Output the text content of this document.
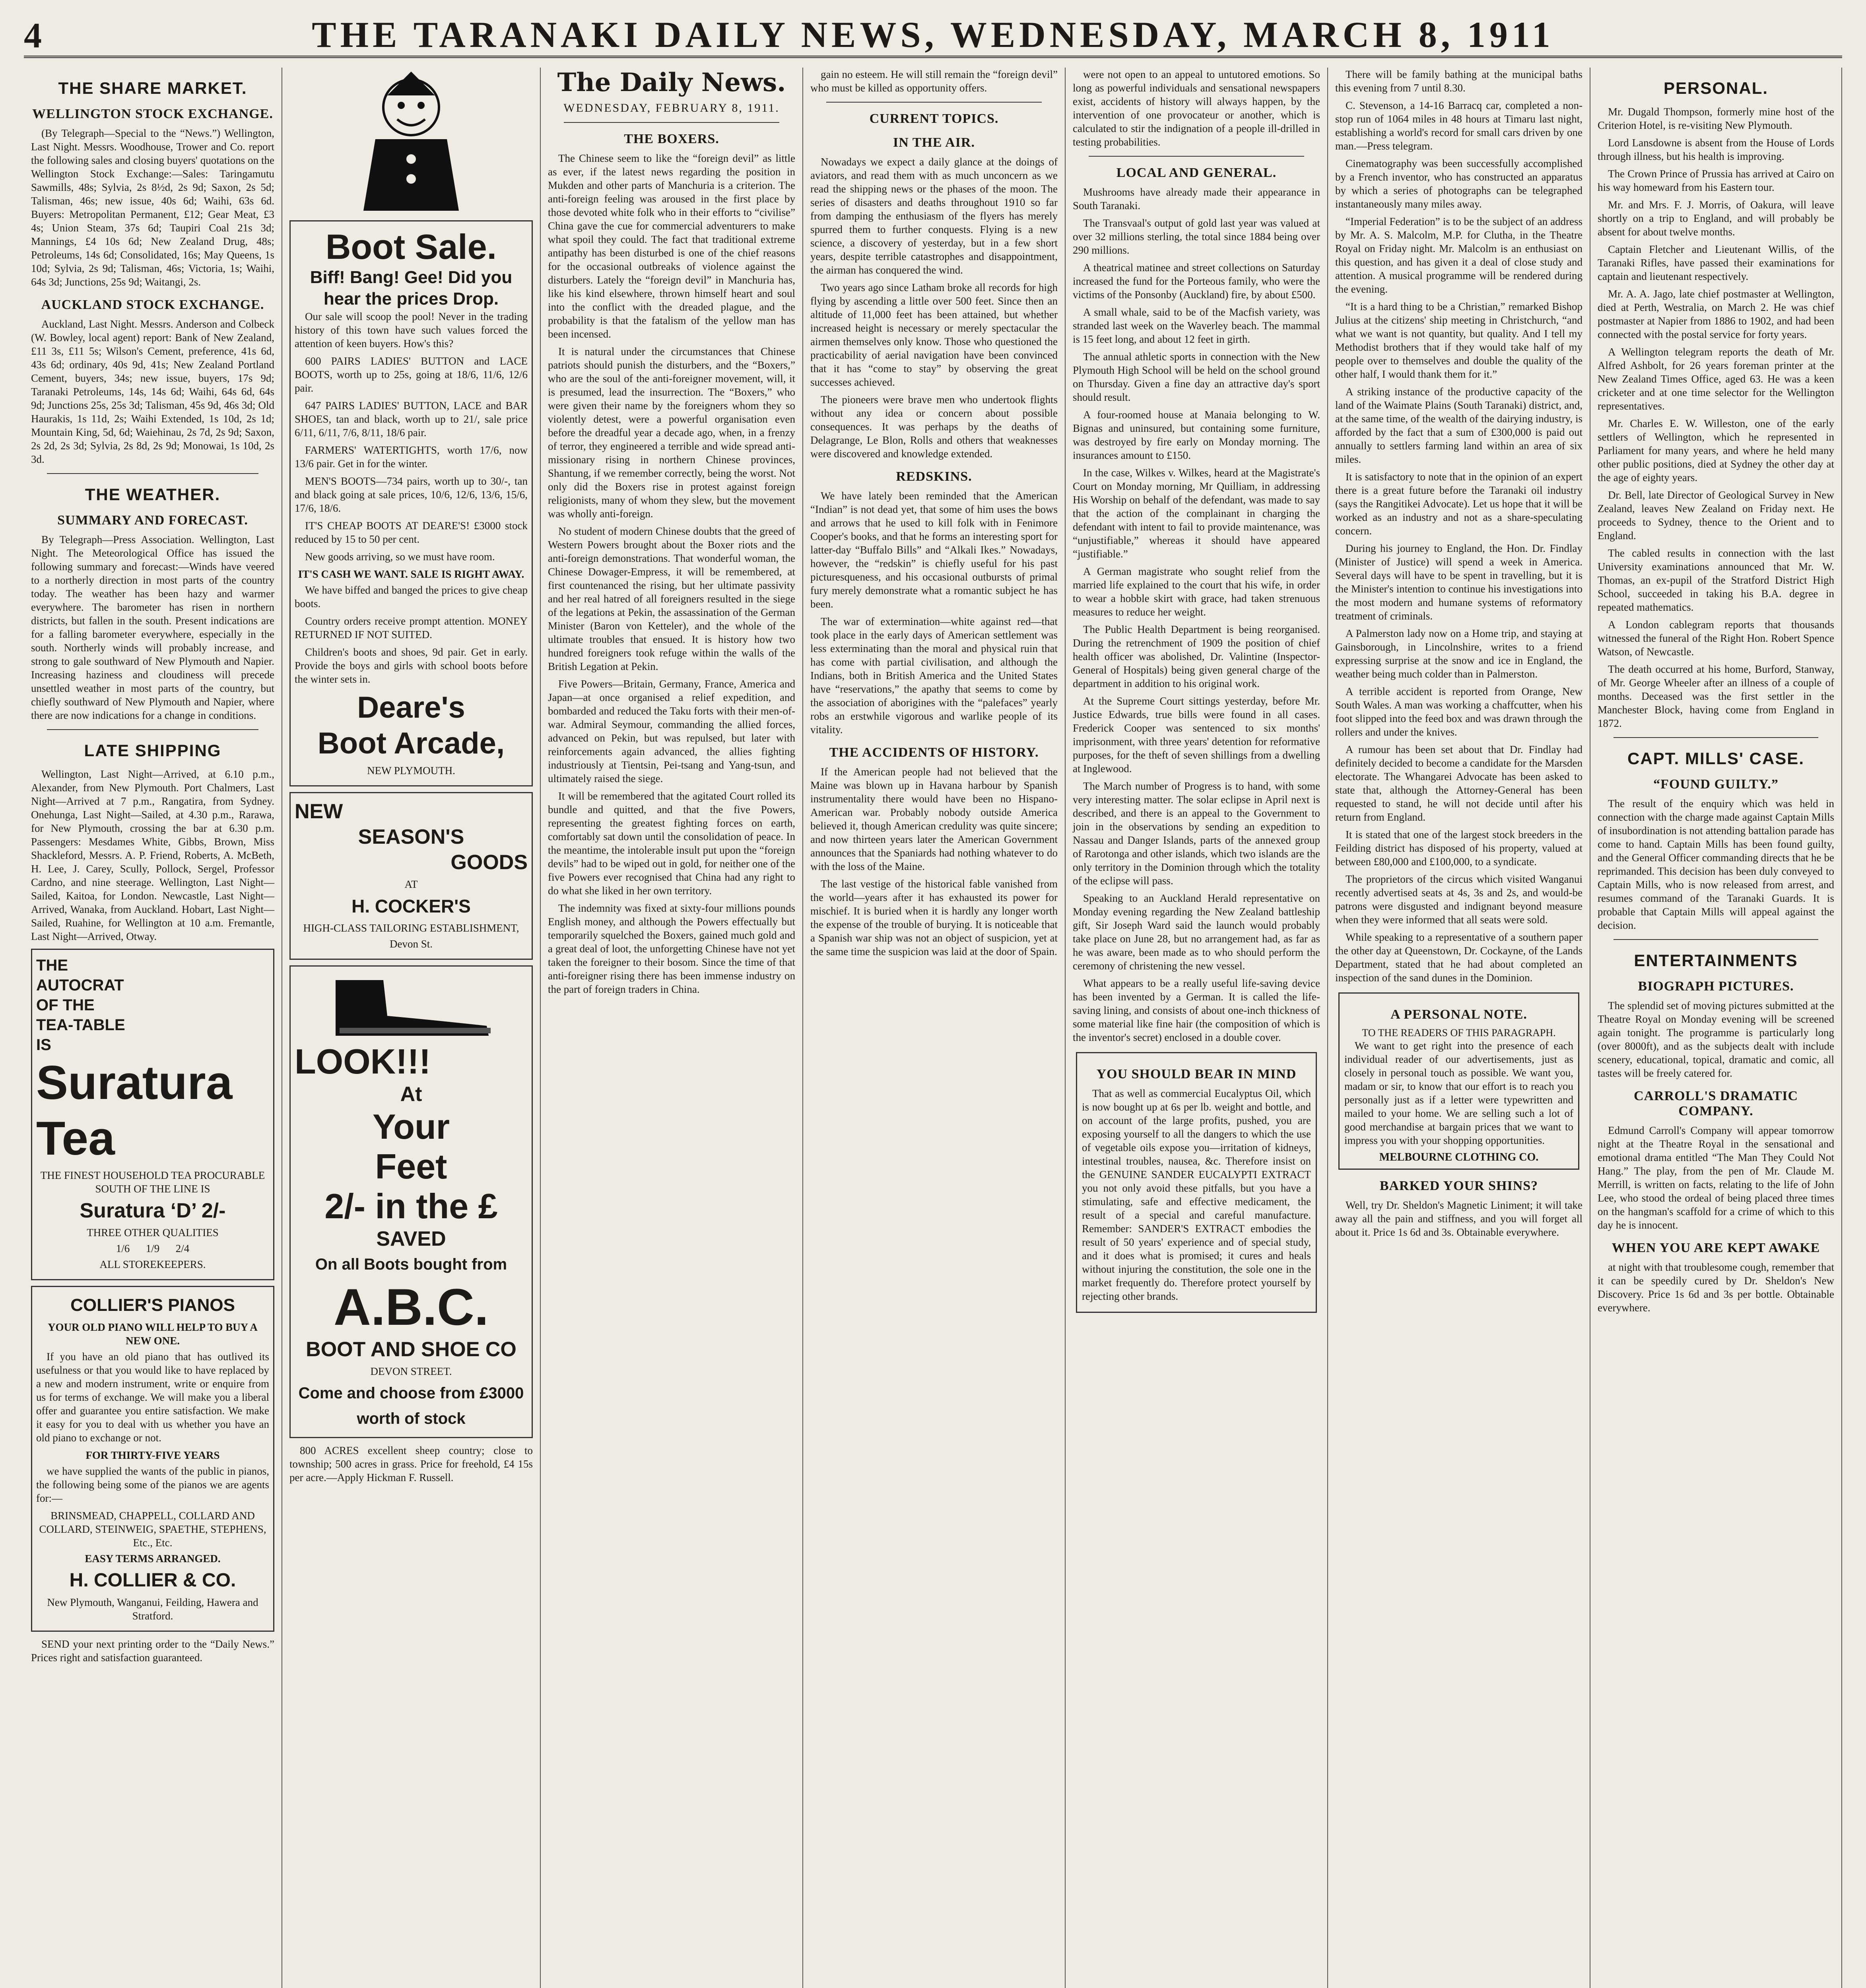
4	THE TARANAKI DAILY NEWS, WEDNESDAY, MARCH 8, 1911
THE SHARE MARKET.
WELLINGTON STOCK EXCHANGE.

(By Telegraph—Special to the “News.”) Wellington, Last Night. Messrs. Woodhouse, Trower and Co. report the following sales and closing buyers' quotations on the Wellington Stock Exchange:—Sales: Taringamutu Sawmills, 48s; Sylvia, 2s 8½d, 2s 9d; Saxon, 2s 5d; Talisman, 46s; new issue, 40s 6d; Waihi, 63s 6d. Buyers: Metropolitan Permanent, £12; Gear Meat, £3 4s; Union Steam, 37s 6d; Taupiri Coal 21s 3d; Mannings, £4 10s 6d; New Zealand Drug, 48s; Petroleums, 14s 6d; Consolidated, 16s; May Queens, 1s 10d; Sylvia, 2s 9d; Talisman, 46s; Victoria, 1s; Waihi, 64s 3d; Junctions, 25s 9d; Waitangi, 2s.

AUCKLAND STOCK EXCHANGE.

Auckland, Last Night. Messrs. Anderson and Colbeck (W. Bowley, local agent) report: Bank of New Zealand, £11 3s, £11 5s; Wilson's Cement, preference, 41s 6d, 43s 6d; ordinary, 40s 9d, 41s; New Zealand Portland Cement, buyers, 34s; new issue, buyers, 17s 9d; Taranaki Petroleums, 14s, 14s 6d; Waihi, 64s 6d, 64s 9d; Junctions 25s, 25s 3d; Talisman, 45s 9d, 46s 3d; Old Haurakis, 1s 11d, 2s; Waihi Extended, 1s 10d, 2s 1d; Mountain King, 5d, 6d; Waiehinau, 2s 7d, 2s 9d; Saxon, 2s 2d, 2s 3d; Sylvia, 2s 8d, 2s 9d; Monowai, 1s 10d, 2s 3d.

THE WEATHER.
SUMMARY AND FORECAST.

By Telegraph—Press Association. Wellington, Last Night. The Meteorological Office has issued the following summary and forecast:—Winds have veered to a northerly direction in most parts of the country today. The weather has been hazy and warmer everywhere. The barometer has risen in northern districts, but fallen in the south. Present indications are for a falling barometer everywhere, especially in the south. Northerly winds will probably increase, and strong to gale southward of New Plymouth and Napier. Increasing haziness and cloudiness will precede unsettled weather in most parts of the country, but chiefly southward of New Plymouth and Napier, where there are now indications for a change in conditions.

LATE SHIPPING

Wellington, Last Night—Arrived, at 6.10 p.m., Alexander, from New Plymouth. Port Chalmers, Last Night—Arrived at 7 p.m., Rangatira, from Sydney. Onehunga, Last Night—Sailed, at 4.30 p.m., Rarawa, for New Plymouth, crossing the bar at 6.30 p.m. Passengers: Mesdames White, Gibbs, Brown, Miss Shackleford, Messrs. A. P. Friend, Roberts, A. McBeth, H. Lee, J. Carey, Scully, Pollock, Sergel, Professor Cardno, and nine steerage. Wellington, Last Night—Sailed, Kaitoa, for London. Newcastle, Last Night—Arrived, Wanaka, from Auckland. Hobart, Last Night—Sailed, Ruahine, for Wellington at 10 a.m. Fremantle, Last Night—Arrived, Otway.

THE
AUTOCRAT
OF THE
TEA-TABLE
IS
Suratura
Tea
THE FINEST HOUSEHOLD TEA PROCURABLE SOUTH OF THE LINE IS
Suratura ‘D’ 2/-
THREE OTHER QUALITIES
1/6      1/9      2/4
ALL STOREKEEPERS.
COLLIER'S PIANOS
YOUR OLD PIANO WILL HELP TO BUY A NEW ONE.

If you have an old piano that has outlived its usefulness or that you would like to have replaced by a new and modern instrument, write or enquire from us for terms of exchange. We will make you a liberal offer and guarantee you entire satisfaction. We make it easy for you to deal with us whether you have an old piano to exchange or not.

FOR THIRTY-FIVE YEARS

we have supplied the wants of the public in pianos, the following being some of the pianos we are agents for:—

BRINSMEAD, CHAPPELL, COLLARD AND COLLARD, STEINWEIG, SPAETHE, STEPHENS, Etc., Etc.
EASY TERMS ARRANGED.
H. COLLIER & CO.
New Plymouth, Wanganui, Feilding, Hawera and Stratford.

SEND your next printing order to the “Daily News.” Prices right and satisfaction guaranteed.

Boot Sale.
Biff! Bang! Gee! Did you hear the prices Drop.

Our sale will scoop the pool! Never in the trading history of this town have such values forced the attention of keen buyers. How's this?

600 PAIRS LADIES' BUTTON and LACE BOOTS, worth up to 25s, going at 18/6, 11/6, 12/6 pair.

647 PAIRS LADIES' BUTTON, LACE and BAR SHOES, tan and black, worth up to 21/, sale price 6/11, 6/11, 7/6, 8/11, 18/6 pair.

FARMERS' WATERTIGHTS, worth 17/6, now 13/6 pair. Get in for the winter.

MEN'S BOOTS—734 pairs, worth up to 30/-, tan and black going at sale prices, 10/6, 12/6, 13/6, 15/6, 17/6, 18/6.

IT'S CHEAP BOOTS AT DEARE'S! £3000 stock reduced by 15 to 50 per cent.

New goods arriving, so we must have room.

IT'S CASH WE WANT. SALE IS RIGHT AWAY.

We have biffed and banged the prices to give cheap boots.

Country orders receive prompt attention. MONEY RETURNED IF NOT SUITED.

Children's boots and shoes, 9d pair. Get in early. Provide the boys and girls with school boots before the winter sets in.

Deare's
Boot Arcade,
NEW PLYMOUTH.
NEW
SEASON'S
GOODS
AT
H. COCKER'S
HIGH-CLASS TAILORING ESTABLISHMENT,
Devon St.
LOOK!!!
At
Your
Feet
2/- in the £
SAVED
On all Boots bought from
A.B.C.
BOOT AND SHOE CO
DEVON STREET.
Come and choose from £3000 worth of stock

800 ACRES excellent sheep country; close to township; 500 acres in grass. Price for freehold, £4 15s per acre.—Apply Hickman F. Russell.

The Daily News.
WEDNESDAY, FEBRUARY 8, 1911.
THE BOXERS.

The Chinese seem to like the “foreign devil” as little as ever, if the latest news regarding the position in Mukden and other parts of Manchuria is a criterion. The anti-foreign feeling was aroused in the first place by those devoted white folk who in their efforts to “civilise” China gave the cue for commercial adventurers to make what spoil they could. The fact that traditional extreme antipathy has been disturbed is one of the chief reasons for the occasional outbreaks of violence against the disturbers. Lately the “foreign devil” in Manchuria has, like his kind elsewhere, thrown himself heart and soul into the conflict with the dreaded plague, and the probability is that the fatalism of the yellow man has been incensed.

It is natural under the circumstances that Chinese patriots should punish the disturbers, and the “Boxers,” who are the soul of the anti-foreigner movement, will, it is presumed, lead the insurrection. The “Boxers,” who were given their name by the foreigners whom they so violently detest, were a powerful organisation even before the dreadful year a decade ago, when, in a frenzy of terror, they engineered a terrible and wide spread anti-missionary rising in northern Chinese provinces, Shantung, if we remember correctly, being the worst. Not only did the Boxers rise in protest against foreign religionists, many of whom they slew, but the movement was wholly anti-foreign.

No student of modern Chinese doubts that the greed of Western Powers brought about the Boxer riots and the anti-foreign demonstrations. That wonderful woman, the Chinese Dowager-Empress, it will be remembered, at first countenanced the rising, but her ultimate passivity and her real hatred of all foreigners resulted in the siege of the legations at Pekin, the assassination of the German Minister (Baron von Ketteler), and the whole of the ultimate troubles that ensued. It is history how two hundred foreigners took refuge within the walls of the British Legation at Pekin.

Five Powers—Britain, Germany, France, America and Japan—at once organised a relief expedition, and bombarded and reduced the Taku forts with their men-of-war. Admiral Seymour, commanding the allied forces, advanced on Pekin, but was repulsed, but later with reinforcements again advanced, the allies fighting industriously at Tientsin, Pei-tsang and Yang-tsun, and ultimately raised the siege.

It will be remembered that the agitated Court rolled its bundle and quitted, and that the five Powers, representing the greatest fighting forces on earth, comfortably sat down until the consolidation of peace. In the meantime, the intolerable insult put upon the “foreign devils” had to be wiped out in gold, for neither one of the five Powers ever recognised that China had any right to do what she liked in her own territory.

The indemnity was fixed at sixty-four millions pounds English money, and although the Powers effectually but temporarily squelched the Boxers, gained much gold and a great deal of loot, the unforgetting Chinese have not yet taken the foreigner to their bosom. Since the time of that anti-foreigner rising there has been immense industry on the part of foreign traders in China.

gain no esteem. He will still remain the “foreign devil” who must be killed as opportunity offers.

CURRENT TOPICS.
IN THE AIR.

Nowadays we expect a daily glance at the doings of aviators, and read them with as much unconcern as we read the shipping news or the phases of the moon. The series of disasters and deaths throughout 1910 so far from damping the enthusiasm of the flyers has merely spurred them to further conquests. Flying is a new science, a discovery of yesterday, but in a few short years, despite terrible catastrophes and disappointment, the airman has conquered the wind.

Two years ago since Latham broke all records for high flying by ascending a little over 500 feet. Since then an altitude of 11,000 feet has been attained, but whether increased height is necessary or merely spectacular the airmen themselves only know. Those who questioned the practicability of aerial navigation have been convinced that it has “come to stay” by observing the great successes achieved.

The pioneers were brave men who undertook flights without any idea or concern about possible consequences. It was perhaps by the deaths of Delagrange, Le Blon, Rolls and others that weaknesses were discovered and knowledge extended.

REDSKINS.

We have lately been reminded that the American “Indian” is not dead yet, that some of him uses the bows and arrows that he used to kill folk with in Fenimore Cooper's books, and that he forms an interesting sport for latter-day “Buffalo Bills” and “Alkali Ikes.” Nowadays, however, the “redskin” is chiefly useful for his past picturesqueness, and his occasional outbursts of primal fury merely demonstrate what a romantic subject he has been.

The war of extermination—white against red—that took place in the early days of American settlement was less exterminating than the moral and physical ruin that has come with partial civilisation, and although the Indians, both in British America and the United States have “reservations,” the apathy that seems to come by the association of aborigines with the “palefaces” yearly robs an erstwhile vigorous and warlike people of its vitality.

THE ACCIDENTS OF HISTORY.

If the American people had not believed that the Maine was blown up in Havana harbour by Spanish instrumentality there would have been no Hispano-American war. Probably nobody outside America believed it, though American credulity was quite sincere; and now thirteen years later the American Government announces that the Spaniards had nothing whatever to do with the loss of the Maine.

The last vestige of the historical fable vanished from the world—years after it has exhausted its power for mischief. It is buried when it is hardly any longer worth the expense of the trouble of burying. It is noticeable that a Spanish war ship was not an object of suspicion, yet at the same time the suspicion was laid at the door of Spain.

were not open to an appeal to untutored emotions. So long as powerful individuals and sensational newspapers exist, accidents of history will always happen, by the intervention of one provocateur or another, which is calculated to stir the indignation of a people ill-drilled in testing probabilities.

LOCAL AND GENERAL.

Mushrooms have already made their appearance in South Taranaki.

The Transvaal's output of gold last year was valued at over 32 millions sterling, the total since 1884 being over 290 millions.

A theatrical matinee and street collections on Saturday increased the fund for the Porteous family, who were the victims of the Ponsonby (Auckland) fire, by about £500.

A small whale, said to be of the Macfish variety, was stranded last week on the Waverley beach. The mammal is 15 feet long, and about 12 feet in girth.

The annual athletic sports in connection with the New Plymouth High School will be held on the school ground on Thursday. Given a fine day an attractive day's sport should result.

A four-roomed house at Manaia belonging to W. Bignas and uninsured, but containing some furniture, was destroyed by fire early on Monday morning. The insurances amount to £150.

In the case, Wilkes v. Wilkes, heard at the Magistrate's Court on Monday morning, Mr Quilliam, in addressing His Worship on behalf of the defendant, was made to say that the action of the complainant in charging the defendant with intent to fail to provide maintenance, was “unjustifiable,” whereas it should have appeared “justifiable.”

A German magistrate who sought relief from the married life explained to the court that his wife, in order to wear a hobble skirt with grace, had taken strenuous measures to reduce her weight.

The Public Health Department is being reorganised. During the retrenchment of 1909 the position of chief health officer was abolished, Dr. Valintine (Inspector-General of Hospitals) being given general charge of the department in addition to his original work.

At the Supreme Court sittings yesterday, before Mr. Justice Edwards, true bills were found in all cases. Frederick Cooper was sentenced to six months' imprisonment, with three years' detention for reformative purposes, for the theft of seven shillings from a dwelling at Inglewood.

The March number of Progress is to hand, with some very interesting matter. The solar eclipse in April next is described, and there is an appeal to the Government to join in the observations by sending an expedition to Nassau and Danger Islands, parts of the annexed group of Rarotonga and other islands, which two islands are the only territory in the Dominion through which the totality of the eclipse will pass.

Speaking to an Auckland Herald representative on Monday evening regarding the New Zealand battleship gift, Sir Joseph Ward said the launch would probably take place on June 28, but no arrangement had, as far as he was aware, been made as to who should perform the ceremony of christening the new vessel.

What appears to be a really useful life-saving device has been invented by a German. It is called the life-saving lining, and consists of about one-inch thickness of some material like fine hair (the composition of which is the inventor's secret) enclosed in a double cover.

YOU SHOULD BEAR IN MIND

That as well as commercial Eucalyptus Oil, which is now bought up at 6s per lb. weight and bottle, and on account of the large profits, pushed, you are exposing yourself to all the dangers to which the use of vegetable oils expose you—irritation of kidneys, intestinal troubles, nausea, &c. Therefore insist on the GENUINE SANDER EUCALYPTI EXTRACT you not only avoid these pitfalls, but you have a stimulating, safe and effective medicament, the result of a special and careful manufacture. Remember: SANDER'S EXTRACT embodies the result of 50 years' experience and of special study, and it does what is promised; it cures and heals without injuring the constitution, the sole one in the market frequently do. Therefore protect yourself by rejecting other brands.

There will be family bathing at the municipal baths this evening from 7 until 8.30.

C. Stevenson, a 14-16 Barracq car, completed a non-stop run of 1064 miles in 48 hours at Timaru last night, establishing a world's record for small cars driven by one man.—Press telegram.

Cinematography was been successfully accomplished by a French inventor, who has constructed an apparatus by which a series of photographs can be telegraphed instantaneously many miles away.

“Imperial Federation” is to be the subject of an address by Mr. A. S. Malcolm, M.P. for Clutha, in the Theatre Royal on Friday night. Mr. Malcolm is an enthusiast on this question, and has given it a deal of close study and attention. A musical programme will be rendered during the evening.

“It is a hard thing to be a Christian,” remarked Bishop Julius at the citizens' ship meeting in Christchurch, “and what we want is not quantity, but quality. And I tell my Methodist brothers that if they would take half of my people over to themselves and double the quality of the other half, I would thank them for it.”

A striking instance of the productive capacity of the land of the Waimate Plains (South Taranaki) district, and, at the same time, of the wealth of the dairying industry, is afforded by the fact that a sum of £300,000 is paid out annually to settlers farming land within an area of six miles.

It is satisfactory to note that in the opinion of an expert there is a great future before the Taranaki oil industry (says the Rangitikei Advocate). Let us hope that it will be worked as an industry and not as a share-speculating concern.

During his journey to England, the Hon. Dr. Findlay (Minister of Justice) will spend a week in America. Several days will have to be spent in travelling, but it is the Minister's intention to continue his investigations into the most modern and humane systems of reformatory treatment of criminals.

A Palmerston lady now on a Home trip, and staying at Gainsborough, in Lincolnshire, writes to a friend expressing surprise at the snow and ice in England, the weather being much colder than in Palmerston.

A terrible accident is reported from Orange, New South Wales. A man was working a chaffcutter, when his foot slipped into the feed box and was drawn through the rollers and under the knives.

A rumour has been set about that Dr. Findlay had definitely decided to become a candidate for the Marsden electorate. The Whangarei Advocate has been asked to state that, although the Attorney-General has been requested to stand, he will not decide until after his return from England.

It is stated that one of the largest stock breeders in the Feilding district has disposed of his property, valued at between £80,000 and £100,000, to a syndicate.

The proprietors of the circus which visited Wanganui recently advertised seats at 4s, 3s and 2s, and would-be patrons were disgusted and indignant beyond measure when they were informed that all seats were sold.

While speaking to a representative of a southern paper the other day at Queenstown, Dr. Cockayne, of the Lands Department, stated that he had about completed an inspection of the sand dunes in the Dominion.

A PERSONAL NOTE.
TO THE READERS OF THIS PARAGRAPH.

We want to get right into the presence of each individual reader of our advertisements, just as closely in personal touch as possible. We want you, madam or sir, to know that our effort is to reach you personally just as if a letter were typewritten and mailed to your home. We are selling such a lot of good merchandise at bargain prices that we want to impress you with your shopping opportunities.

MELBOURNE CLOTHING CO.
BARKED YOUR SHINS?

Well, try Dr. Sheldon's Magnetic Liniment; it will take away all the pain and stiffness, and you will forget all about it. Price 1s 6d and 3s. Obtainable everywhere.

PERSONAL.

Mr. Dugald Thompson, formerly mine host of the Criterion Hotel, is re-visiting New Plymouth.

Lord Lansdowne is absent from the House of Lords through illness, but his health is improving.

The Crown Prince of Prussia has arrived at Cairo on his way homeward from his Eastern tour.

Mr. and Mrs. F. J. Morris, of Oakura, will leave shortly on a trip to England, and will probably be absent for about twelve months.

Captain Fletcher and Lieutenant Willis, of the Taranaki Rifles, have passed their examinations for captain and lieutenant respectively.

Mr. A. A. Jago, late chief postmaster at Wellington, died at Perth, Westralia, on March 2. He was chief postmaster at Napier from 1886 to 1902, and had been connected with the postal service for forty years.

A Wellington telegram reports the death of Mr. Alfred Ashbolt, for 26 years foreman printer at the New Zealand Times Office, aged 63. He was a keen cricketer and at one time selector for the Wellington representatives.

Mr. Charles E. W. Willeston, one of the early settlers of Wellington, which he represented in Parliament for many years, and where he held many other public positions, died at Sydney the other day at the age of eighty years.

Dr. Bell, late Director of Geological Survey in New Zealand, leaves New Zealand on Friday next. He proceeds to Sydney, thence to the Orient and to England.

The cabled results in connection with the last University examinations announced that Mr. W. Thomas, an ex-pupil of the Stratford District High School, succeeded in taking his B.A. degree in repeated mathematics.

A London cablegram reports that thousands witnessed the funeral of the Right Hon. Robert Spence Watson, of Newcastle.

The death occurred at his home, Burford, Stanway, of Mr. George Wheeler after an illness of a couple of months. Deceased was the first settler in the Manchester Block, having come from England in 1872.

CAPT. MILLS' CASE.
“FOUND GUILTY.”

The result of the enquiry which was held in connection with the charge made against Captain Mills of insubordination is not attending battalion parade has come to hand. Captain Mills has been found guilty, and the General Officer commanding directs that he be reprimanded. This decision has been duly conveyed to Captain Mills, who is now released from arrest, and resumes command of the Taranaki Guards. It is probable that Captain Mills will appeal against the decision.

ENTERTAINMENTS
BIOGRAPH PICTURES.

The splendid set of moving pictures submitted at the Theatre Royal on Monday evening will be screened again tonight. The programme is particularly long (over 8000ft), and as the subjects dealt with include scenery, educational, topical, dramatic and comic, all tastes will be freely catered for.

CARROLL'S DRAMATIC COMPANY.

Edmund Carroll's Company will appear tomorrow night at the Theatre Royal in the sensational and emotional drama entitled “The Man They Could Not Hang.” The play, from the pen of Mr. Claude M. Merrill, is written on facts, relating to the life of John Lee, who stood the ordeal of being placed three times on the hangman's scaffold for a crime of which to this day he is innocent.

WHEN YOU ARE KEPT AWAKE

at night with that troublesome cough, remember that it can be speedily cured by Dr. Sheldon's New Discovery. Price 1s 6d and 3s per bottle. Obtainable everywhere.
